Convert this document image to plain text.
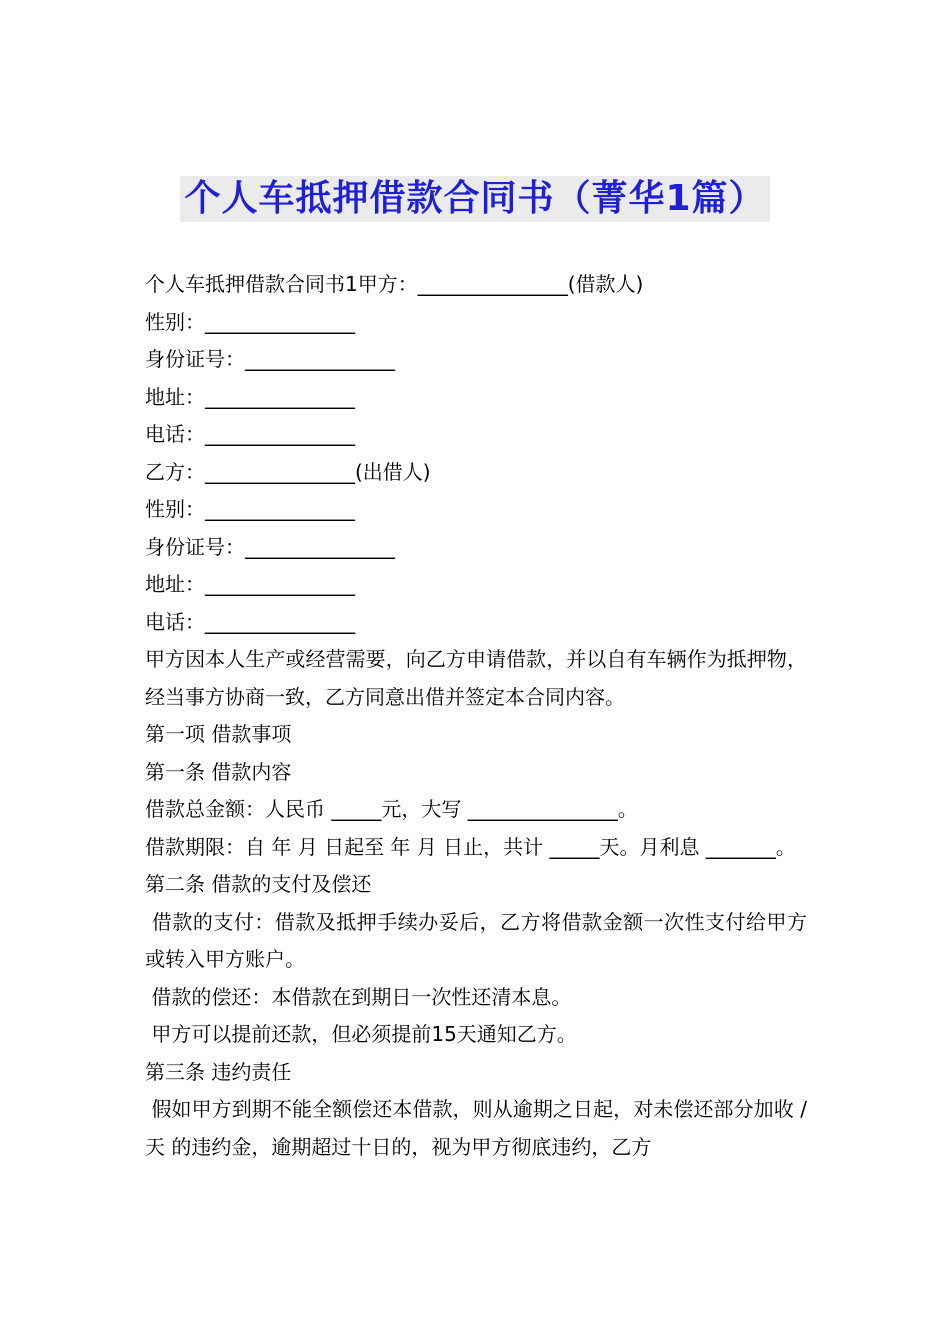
个人车抵押借款合同书（菁华1篇）

个人车抵押借款合同书1甲方：_______________(借款人)

性别：_______________

身份证号：_______________

地址：_______________

电话：_______________

乙方：_______________(出借人)

性别：_______________

身份证号：_______________

地址：_______________

电话：_______________

甲方因本人生产或经营需要，向乙方申请借款，并以自有车辆作为抵押物，经当事方协商一致，乙方同意出借并签定本合同内容。

第一项 借款事项

第一条 借款内容

借款总金额：人民币 _____元，大写 _______________。

借款期限：自 年 月 日起至 年 月 日止，共计 _____天。月利息 _______。

第二条 借款的支付及偿还

借款的支付：借款及抵押手续办妥后，乙方将借款金额一次性支付给甲方或转入甲方账户。

借款的偿还：本借款在到期日一次性还清本息。

甲方可以提前还款，但必须提前15天通知乙方。

第三条 违约责任

假如甲方到期不能全额偿还本借款，则从逾期之日起，对未偿还部分加收 /天 的违约金，逾期超过十日的，视为甲方彻底违约，乙方
